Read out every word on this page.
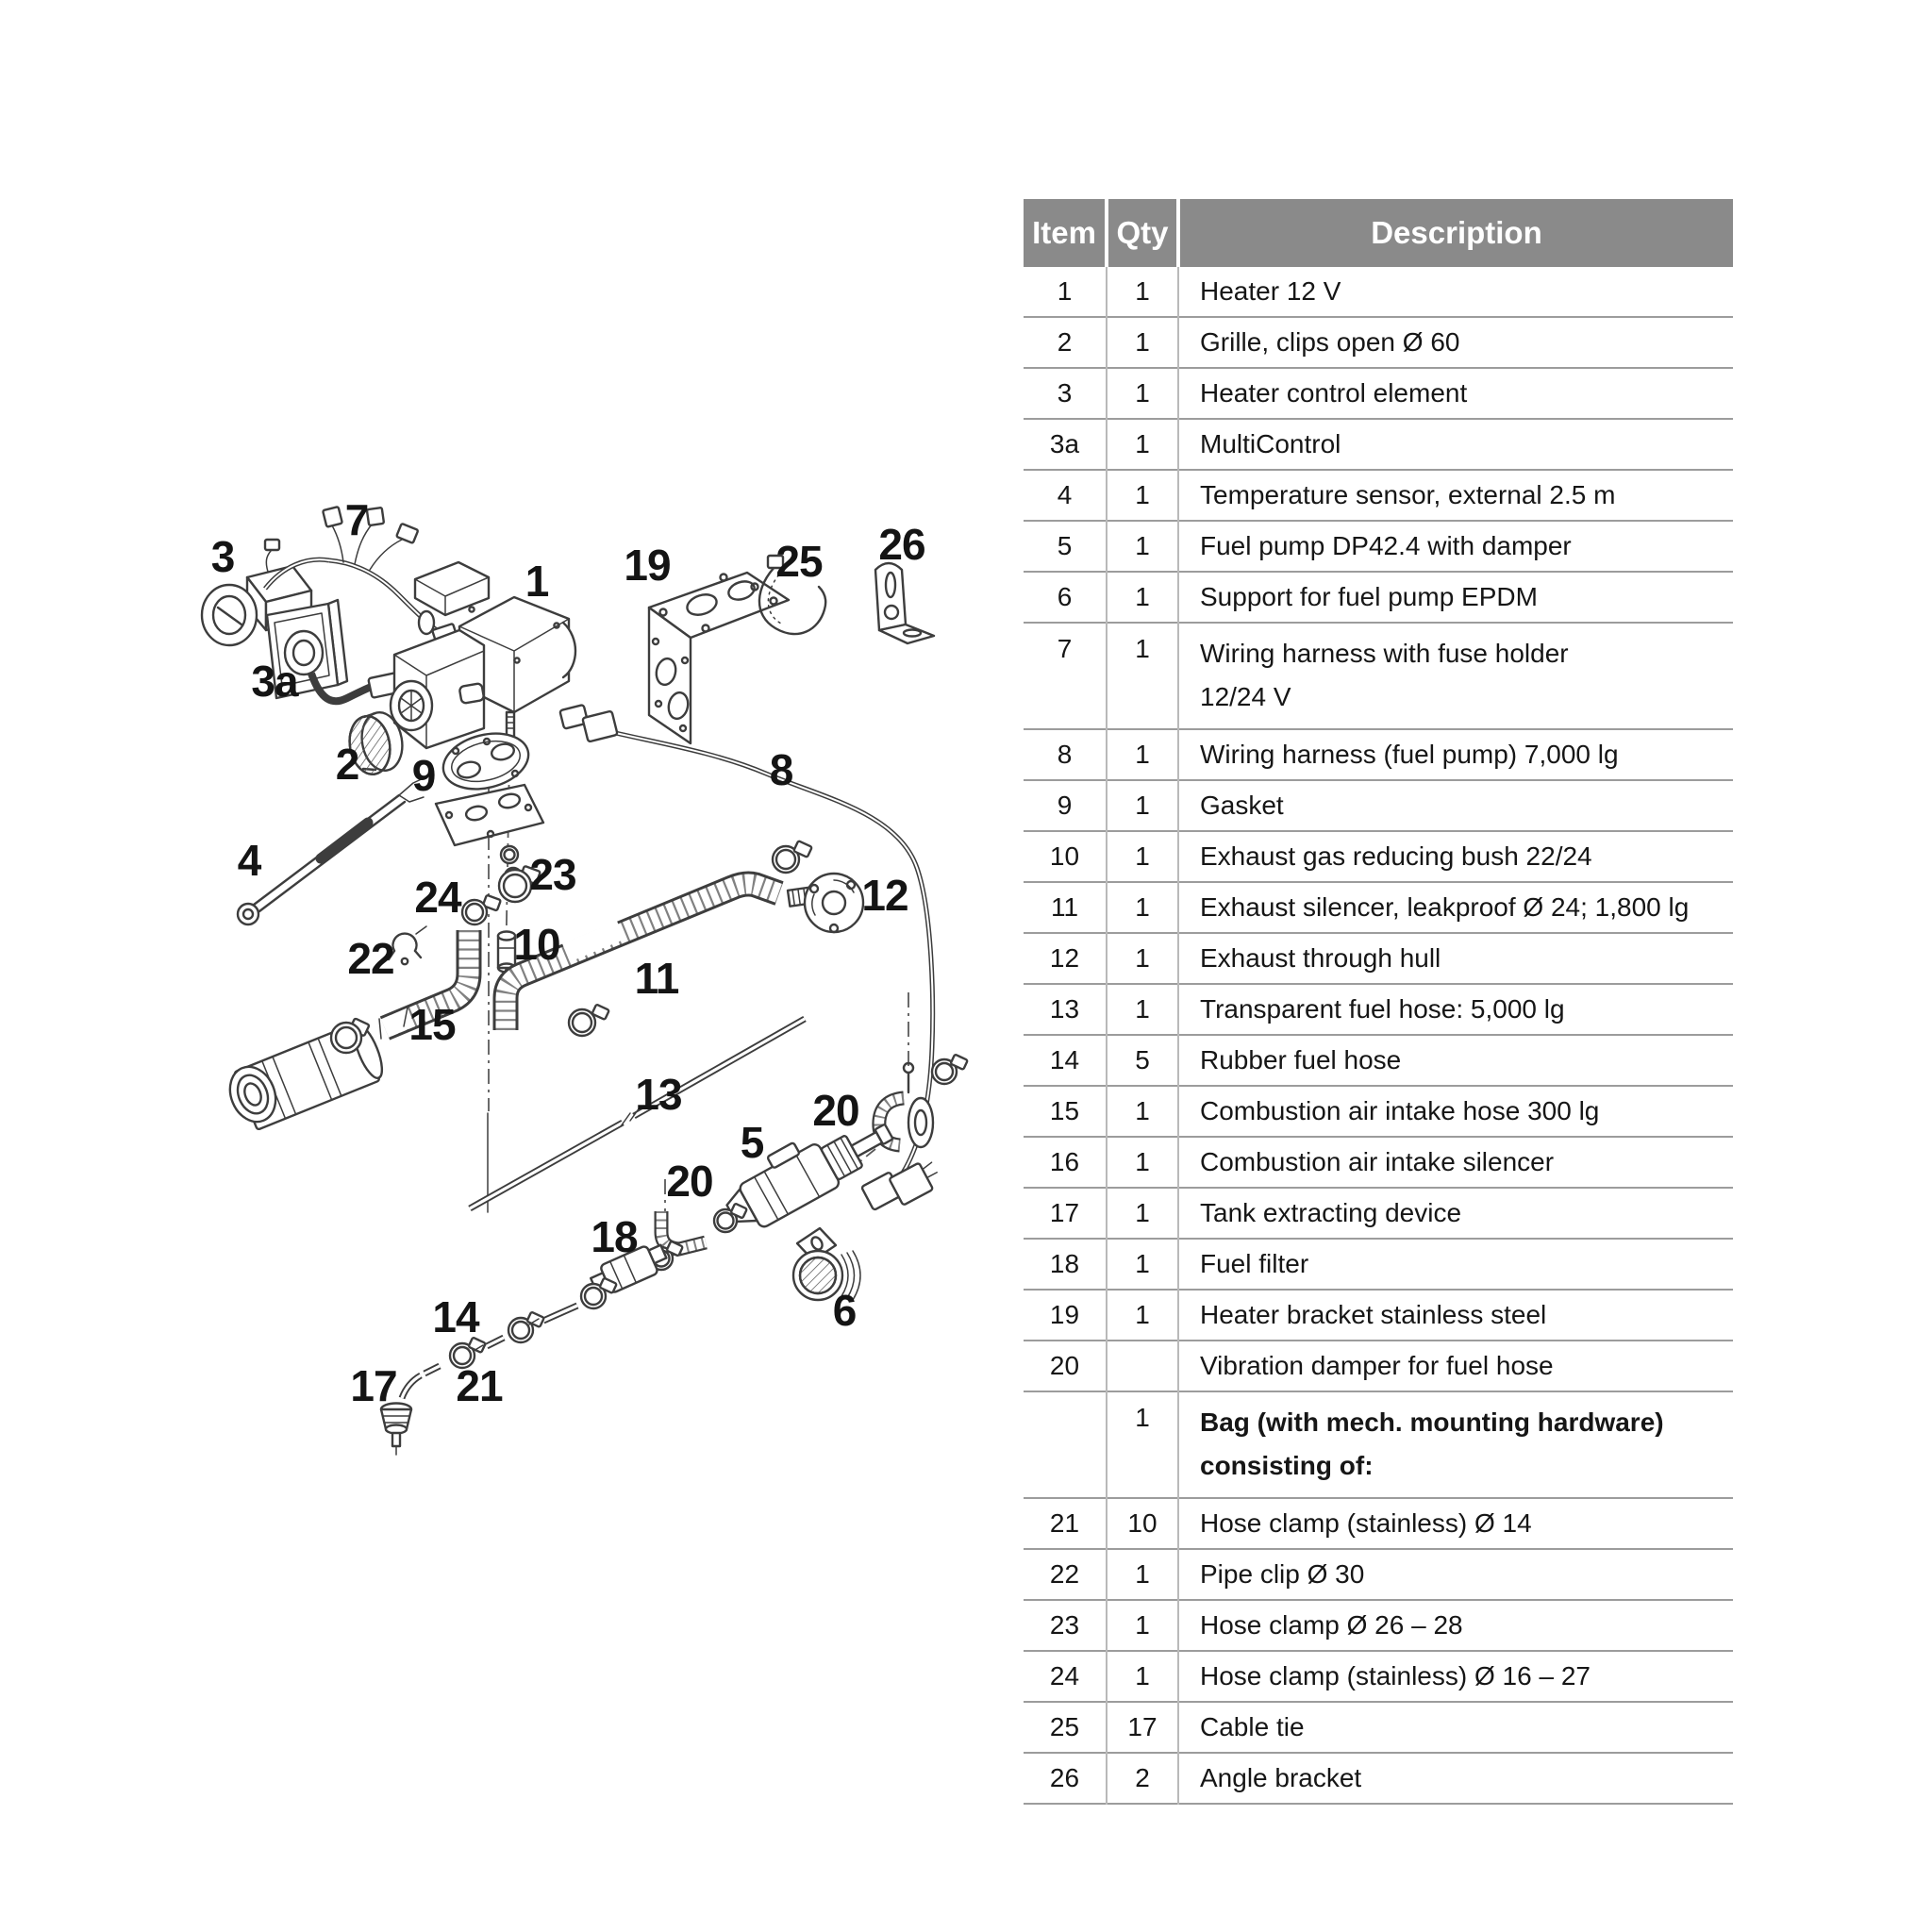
3
7
1 19 25 26
3a
2 9	8
4	23
24	12
10
22	11
15
13	20
5
20
18
6
14
17 21
Item	Qty	Description
1	1	Heater 12 V

2	1	Grille, clips open Ø 60

3	1	Heater control element

3a	1	MultiControl

4	1	Temperature sensor, external 2.5 m

5	1	Fuel pump DP42.4 with damper

6	1	Support for fuel pump EPDM

7	1	Wiring harness with fuse holder
12/24 V

8	1	Wiring harness (fuel pump) 7,000 lg

9	1	Gasket

10	1	Exhaust gas reducing bush 22/24

11	1	Exhaust silencer, leakproof Ø 24; 1,800 lg

12	1	Exhaust through hull

13	1	Transparent fuel hose: 5,000 lg

14	5	Rubber fuel hose

15	1	Combustion air intake hose 300 lg

16	1	Combustion air intake silencer

17	1	Tank extracting device

18	1	Fuel filter

19	1	Heater bracket stainless steel

20		Vibration damper for fuel hose

	1	Bag (with mech. mounting hardware)
consisting of:

21	10	Hose clamp (stainless) Ø 14

22	1	Pipe clip Ø 30

23	1	Hose clamp Ø 26 – 28

24	1	Hose clamp (stainless) Ø 16 – 27

25	17	Cable tie

26	2	Angle bracket
